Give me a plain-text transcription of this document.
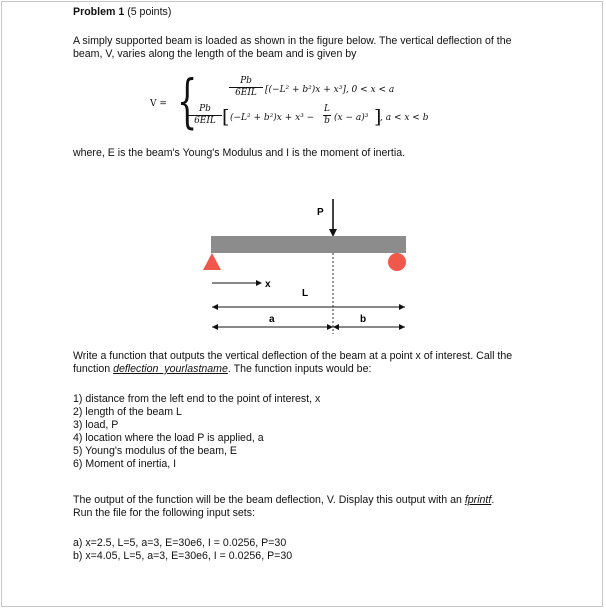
Problem 1 (5 points)
A simply supported beam is loaded as shown in the figure below. The vertical deflection of the
beam, V, varies along the length of the beam and is given by
V = {	Pb
6EIL [(−L² + b²)x + x³], 0 < x < a
Pb
6EIL [ $(-L^2 + b^2)x + x^3 - \frac{L}{b} (x - a)^3$ ]
, a < x < b
where, E is the beam's Young's Modulus and I is the moment of inertia.
P
x
L
a	b
Write a function that outputs the vertical deflection of the beam at a point x of interest. Call the
function deflection_yourlastname. The function inputs would be:
1) distance from the left end to the point of interest, x
2) length of the beam L
3) load, P
4) location where the load P is applied, a
5) Young's modulus of the beam, E
6) Moment of inertia, I
The output of the function will be the beam deflection, V. Display this output with an fprintf.
Run the file for the following input sets:
a) x=2.5, L=5, a=3, E=30e6, I = 0.0256, P=30
b) x=4.05, L=5, a=3, E=30e6, I = 0.0256, P=30
